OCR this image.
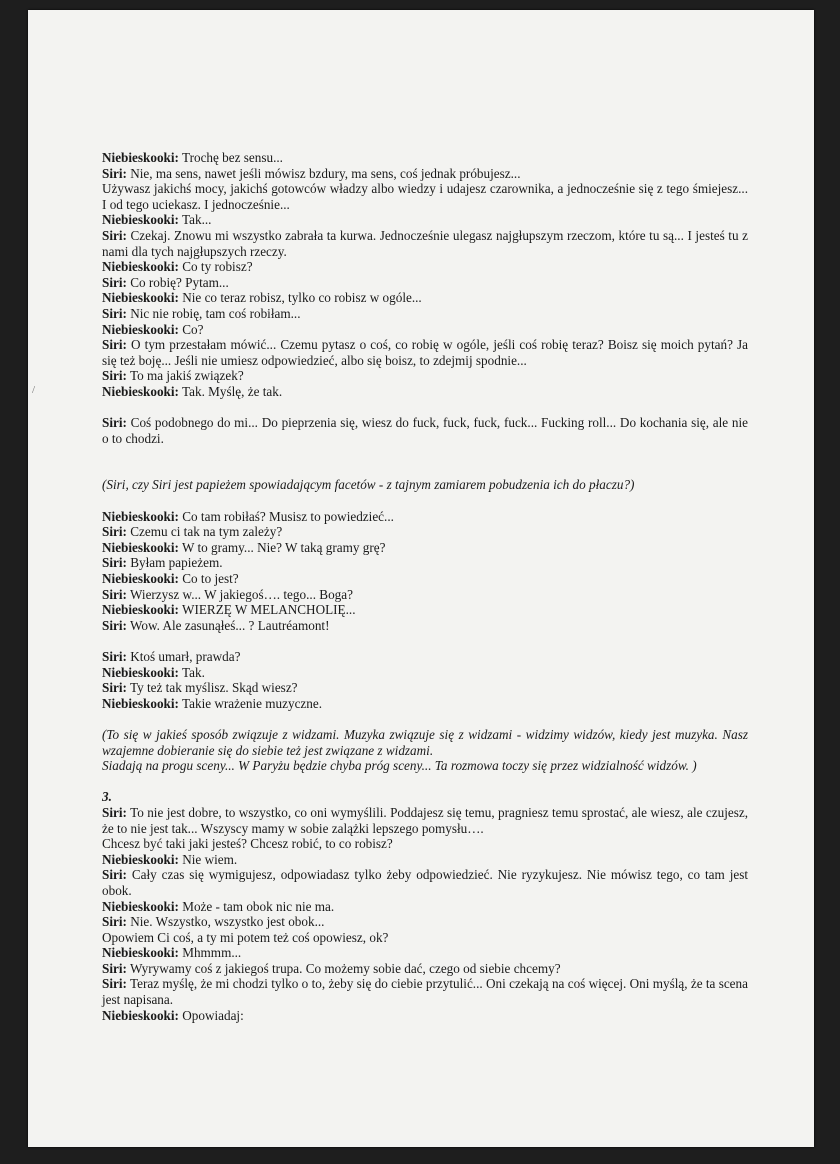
/

Niebieskooki: Trochę bez sensu...

Siri: Nie, ma sens, nawet jeśli mówisz bzdury, ma sens, coś jednak próbujesz...

Używasz jakichś mocy, jakichś gotowców władzy albo wiedzy i udajesz czarownika, a jednocześnie się z tego śmiejesz... I od tego uciekasz. I jednocześnie...

Niebieskooki: Tak...

Siri: Czekaj. Znowu mi wszystko zabrała ta kurwa. Jednocześnie ulegasz najgłupszym rzeczom, które tu są... I jesteś tu z nami dla tych najgłupszych rzeczy.

Niebieskooki: Co ty robisz?

Siri: Co robię? Pytam...

Niebieskooki: Nie co teraz robisz, tylko co robisz w ogóle...

Siri: Nic nie robię, tam coś robiłam...

Niebieskooki: Co?

Siri: O tym przestałam mówić... Czemu pytasz o coś, co robię w ogóle, jeśli coś robię teraz? Boisz się moich pytań? Ja się też boję... Jeśli nie umiesz odpowiedzieć, albo się boisz, to zdejmij spodnie...

Siri: To ma jakiś związek?

Niebieskooki: Tak. Myślę, że tak.

Siri: Coś podobnego do mi... Do pieprzenia się, wiesz do fuck, fuck, fuck, fuck... Fucking roll... Do kochania się, ale nie o to chodzi.

(Siri, czy Siri jest papieżem spowiadającym facetów - z tajnym zamiarem pobudzenia ich do płaczu?)

Niebieskooki: Co tam robiłaś? Musisz to powiedzieć...

Siri: Czemu ci tak na tym zależy?

Niebieskooki: W to gramy... Nie? W taką gramy grę?

Siri: Byłam papieżem.

Niebieskooki: Co to jest?

Siri: Wierzysz w... W jakiegoś…. tego... Boga?

Niebieskooki: WIERZĘ W MELANCHOLIĘ...

Siri: Wow. Ale zasunąłeś... ? Lautréamont!

Siri: Ktoś umarł, prawda?

Niebieskooki: Tak.

Siri: Ty też tak myślisz. Skąd wiesz?

Niebieskooki: Takie wrażenie muzyczne.

(To się w jakieś sposób związuje z widzami. Muzyka związuje się z widzami - widzimy widzów, kiedy jest muzyka. Nasz wzajemne dobieranie się do siebie też jest związane z widzami.

Siadają na progu sceny... W Paryżu będzie chyba próg sceny... Ta rozmowa toczy się przez widzialność widzów. )

3.

Siri: To nie jest dobre, to wszystko, co oni wymyślili. Poddajesz się temu, pragniesz temu sprostać, ale wiesz, ale czujesz, że to nie jest tak... Wszyscy mamy w sobie zalążki lepszego pomysłu….

Chcesz być taki jaki jesteś? Chcesz robić, to co robisz?

Niebieskooki: Nie wiem.

Siri: Cały czas się wymigujesz, odpowiadasz tylko żeby odpowiedzieć. Nie ryzykujesz. Nie mówisz tego, co tam jest obok.

Niebieskooki: Może - tam obok nic nie ma.

Siri: Nie. Wszystko, wszystko jest obok...

Opowiem Ci coś, a ty mi potem też coś opowiesz, ok?

Niebieskooki: Mhmmm...

Siri: Wyrywamy coś z jakiegoś trupa. Co możemy sobie dać, czego od siebie chcemy?

Siri: Teraz myślę, że mi chodzi tylko o to, żeby się do ciebie przytulić... Oni czekają na coś więcej. Oni myślą, że ta scena jest napisana.

Niebieskooki: Opowiadaj:
